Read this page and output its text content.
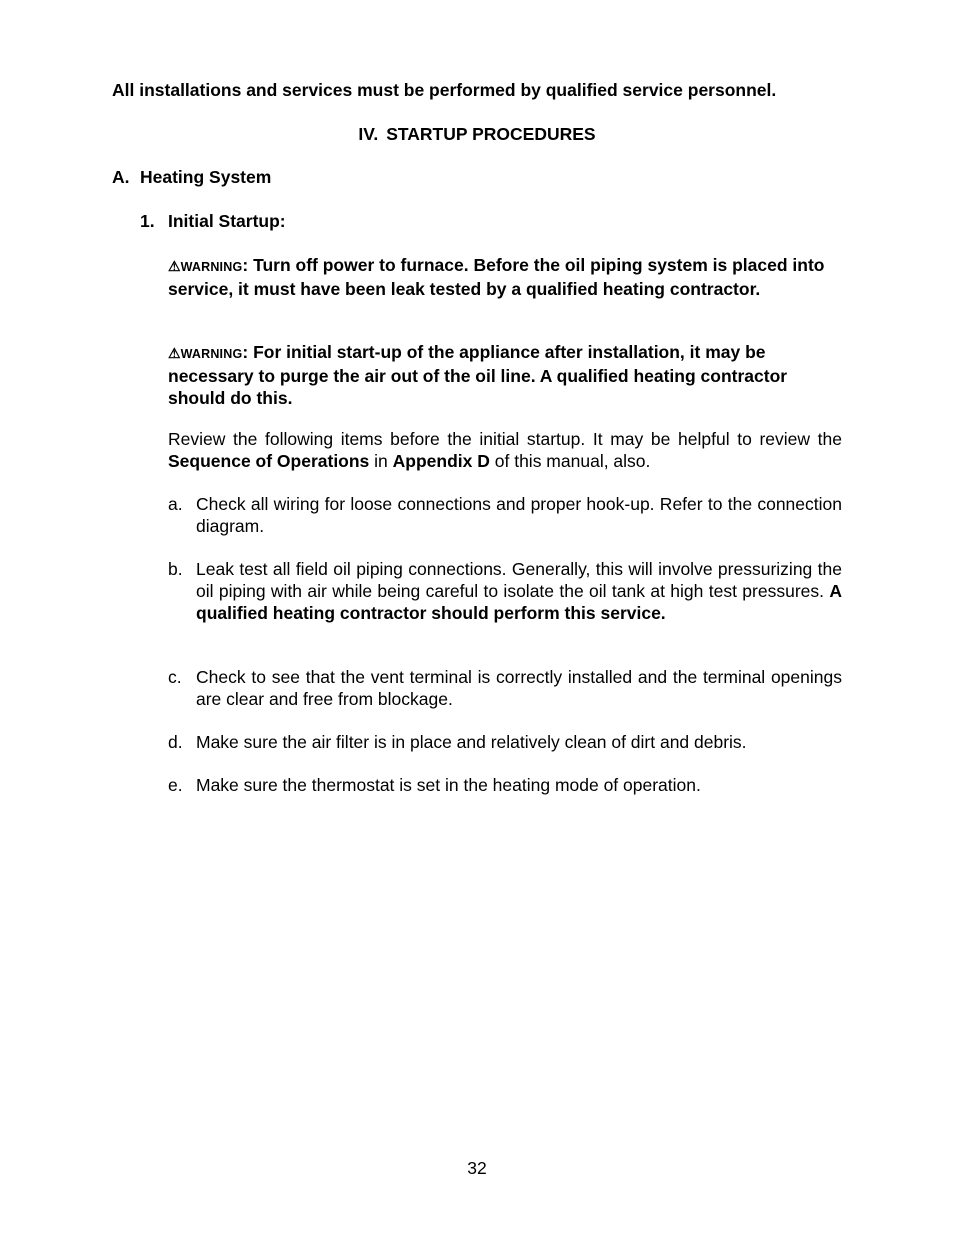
All installations and services must be performed by qualified service personnel.
IV. STARTUP PROCEDURES
A. Heating System
1. Initial Startup:
⚠WARNING: Turn off power to furnace. Before the oil piping system is placed into service, it must have been leak tested by a qualified heating contractor.
⚠WARNING: For initial start-up of the appliance after installation, it may be necessary to purge the air out of the oil line. A qualified heating contractor should do this.
Review the following items before the initial startup. It may be helpful to review the Sequence of Operations in Appendix D of this manual, also.
a. Check all wiring for loose connections and proper hook-up. Refer to the connection diagram.
b. Leak test all field oil piping connections. Generally, this will involve pressurizing the oil piping with air while being careful to isolate the oil tank at high test pressures. A qualified heating contractor should perform this service.
c. Check to see that the vent terminal is correctly installed and the terminal openings are clear and free from blockage.
d. Make sure the air filter is in place and relatively clean of dirt and debris.
e. Make sure the thermostat is set in the heating mode of operation.
32
